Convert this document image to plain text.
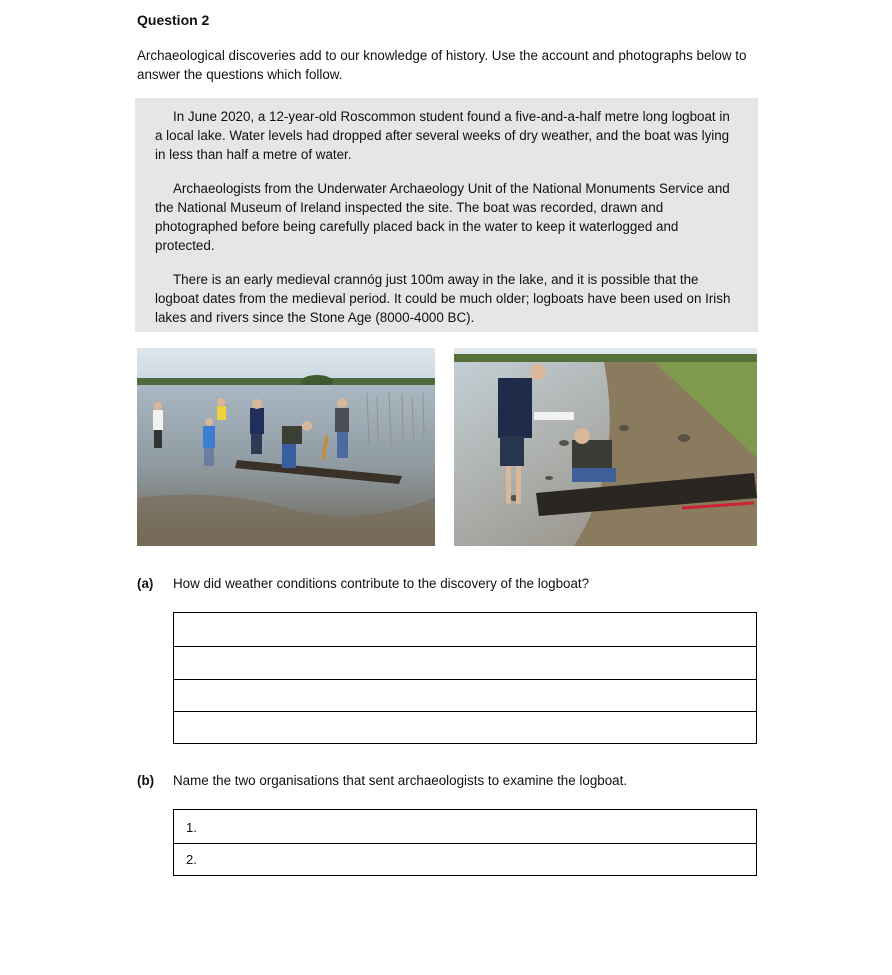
Question 2
Archaeological discoveries add to our knowledge of history. Use the account and photographs below to answer the questions which follow.

In June 2020, a 12-year-old Roscommon student found a five-and-a-half metre long logboat in a local lake. Water levels had dropped after several weeks of dry weather, and the boat was lying in less than half a metre of water.

Archaeologists from the Underwater Archaeology Unit of the National Monuments Service and the National Museum of Ireland inspected the site. The boat was recorded, drawn and photographed before being carefully placed back in the water to keep it waterlogged and protected.

There is an early medieval crannóg just 100m away in the lake, and it is possible that the logboat dates from the medieval period. It could be much older; logboats have been used on Irish lakes and rivers since the Stone Age (8000-4000 BC).

(a) How did weather conditions contribute to the discovery of the logboat?
(b) Name the two organisations that sent archaeologists to examine the logboat.
1.
2.
